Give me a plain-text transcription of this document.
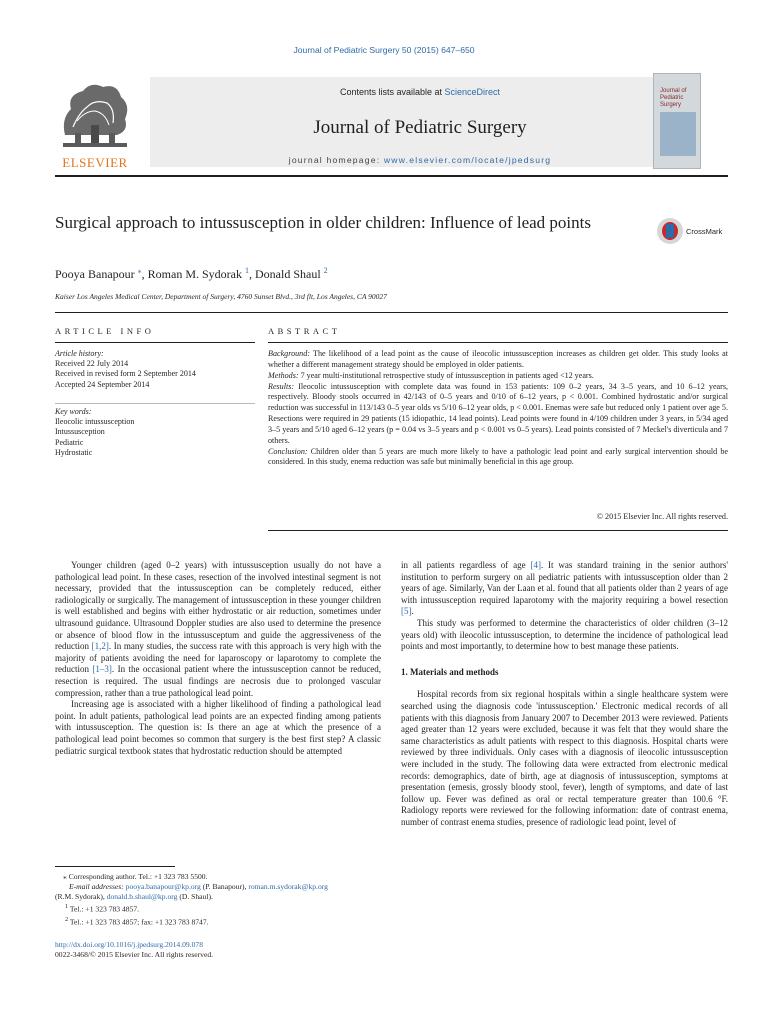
Journal of Pediatric Surgery 50 (2015) 647–650
ELSEVIER
Contents lists available at ScienceDirect
Journal of Pediatric Surgery
journal homepage: www.elsevier.com/locate/jpedsurg
Journal of
Pediatric Surgery
Surgical approach to intussusception in older children: Influence of lead points	CrossMark
Pooya Banapour ⁎, Roman M. Sydorak $^1$, Donald Shaul $^2$
Kaiser Los Angeles Medical Center, Department of Surgery, 4760 Sunset Blvd., 3rd flt, Los Angeles, CA 90027
ARTICLE INFO	ABSTRACT
Article history:
Received 22 July 2014
Received in revised form 2 September 2014
Accepted 24 September 2014
Key words:
Ileocolic intussusception
Intussusception
Pediatric
Hydrostatic
Background: The likelihood of a lead point as the cause of ileocolic intussusception increases as children get older. This study looks at whether a different management strategy should be employed in older patients.
Methods: 7 year multi-institutional retrospective study of intussusception in patients aged <12 years.
Results: Ileocolic intussusception with complete data was found in 153 patients: 109 0–2 years, 34 3–5 years, and 10 6–12 years, respectively. Bloody stools occurred in 42/143 of 0–5 years and 0/10 of 6–12 years, p < 0.001. Combined hydrostatic and/or surgical reduction was successful in 113/143 0–5 year olds vs 5/10 6–12 year olds, p < 0.001. Enemas were safe but reduced only 1 patient over age 5. Resections were required in 29 patients (15 idiopathic, 14 lead points). Lead points were found in 4/109 children under 3 years, in 5/34 aged 3–5 years and 5/10 aged 6–12 years (p = 0.04 vs 3–5 years and p < 0.001 vs 0–5 years). Lead points consisted of 7 Meckel's diverticula and 7 others.
Conclusion: Children older than 5 years are much more likely to have a pathologic lead point and early surgical intervention should be considered. In this study, enema reduction was safe but minimally beneficial in this age group.
© 2015 Elsevier Inc. All rights reserved.

Younger children (aged 0–2 years) with intussusception usually do not have a pathological lead point. In these cases, resection of the involved intestinal segment is not necessary, provided that the intussusception can be completely reduced, either radiologically or surgically. The management of intussusception in these younger children is well established and begins with either hydrostatic or air reduction, sometimes under ultrasound guidance. Ultrasound Doppler studies are also used to determine the presence or absence of blood flow in the intussusceptum and guide the aggressiveness of the reduction [1,2]. In many studies, the success rate with this approach is very high with the majority of patients avoiding the need for laparoscopy or laparotomy to complete the reduction [1–3]. In the occasional patient where the intussusception cannot be reduced, resection is required. The usual findings are necrosis due to prolonged vascular compression, rather than a true pathological lead point.

Increasing age is associated with a higher likelihood of finding a pathological lead point. In adult patients, pathological lead points are an expected finding among patients with intussusception. The question is: Is there an age at which the presence of a pathological lead point becomes so common that surgery is the best first step? A classic pediatric surgical textbook states that hydrostatic reduction should be attempted

in all patients regardless of age [4]. It was standard training in the senior authors' institution to perform surgery on all pediatric patients with intussusception older than 2 years of age. Similarly, Van der Laan et al. found that all patients older than 2 years of age with intussusception required laparotomy with the majority requiring a bowel resection [5].

This study was performed to determine the characteristics of older children (3–12 years old) with ileocolic intussusception, to determine the incidence of pathological lead points and most importantly, to determine how to best manage these patients.

1. Materials and methods

Hospital records from six regional hospitals within a single healthcare system were searched using the diagnosis code 'intussusception.' Electronic medical records of all patients with this diagnosis from January 2007 to December 2013 were reviewed. Patients aged greater than 12 years were excluded, because it was felt that they would share the same characteristics as adult patients with respect to this diagnosis. Hospital charts were reviewed by three individuals. Only cases with a diagnosis of ileocolic intussusception were included in the study. The following data were extracted from electronic medical records: demographics, date of birth, age at diagnosis of intussusception, symptoms at presentation (emesis, grossly bloody stool, fever), length of symptoms, and date of last follow up. Fever was defined as oral or rectal temperature greater than 100.6 °F. Radiology reports were reviewed for the following information: date of contrast enema, number of contrast enema studies, presence of radiologic lead point, level of

⁎ Corresponding author. Tel.: +1 323 783 5500.
E-mail addresses: pooya.banapour@kp.org (P. Banapour), roman.m.sydorak@kp.org
(R.M. Sydorak), donald.b.shaul@kp.org (D. Shaul).
$^1$ Tel.: +1 323 783 4857.
$^2$ Tel.: +1 323 783 4857; fax: +1 323 783 8747.
http://dx.doi.org/10.1016/j.jpedsurg.2014.09.078
0022-3468/© 2015 Elsevier Inc. All rights reserved.
